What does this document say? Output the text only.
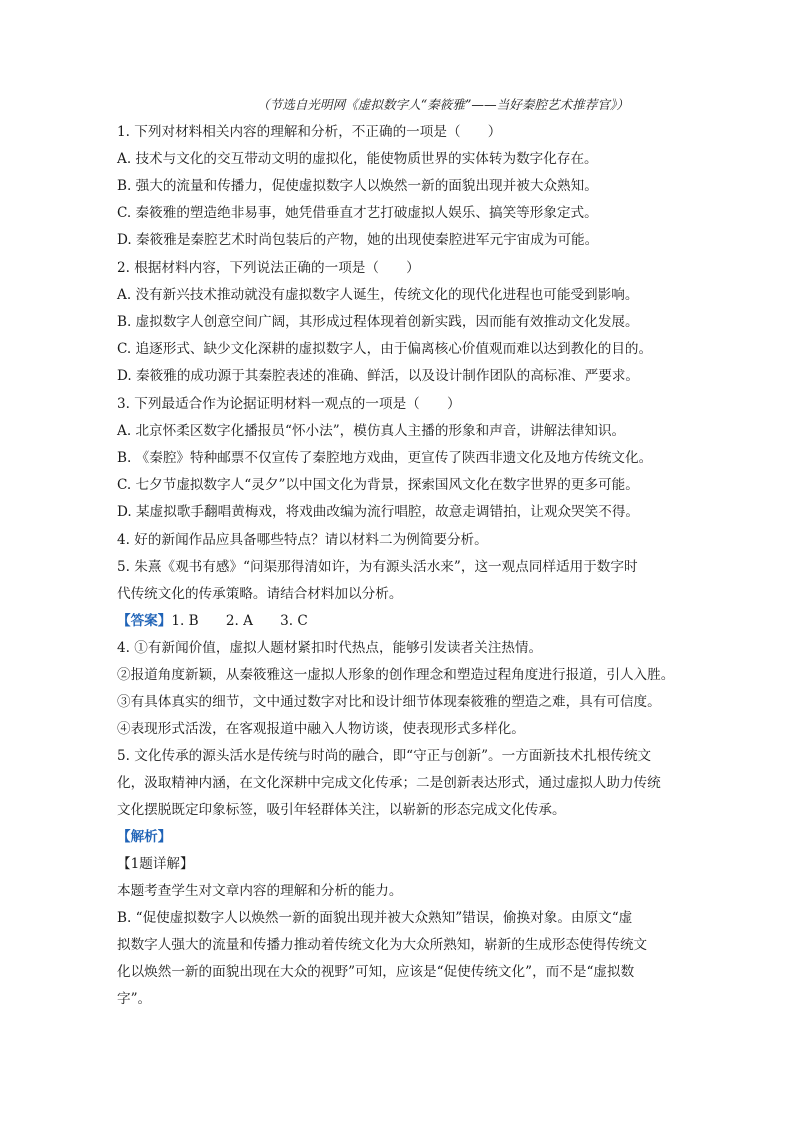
（节选自光明网《虚拟数字人“秦筱雅”——当好秦腔艺术推荐官》）
1. 下列对材料相关内容的理解和分析，不正确的一项是（　　）
A. 技术与文化的交互带动文明的虚拟化，能使物质世界的实体转为数字化存在。
B. 强大的流量和传播力，促使虚拟数字人以焕然一新的面貌出现并被大众熟知。
C. 秦筱雅的塑造绝非易事，她凭借垂直才艺打破虚拟人娱乐、搞笑等形象定式。
D. 秦筱雅是秦腔艺术时尚包装后的产物，她的出现使秦腔进军元宇宙成为可能。
2. 根据材料内容，下列说法正确的一项是（　　）
A. 没有新兴技术推动就没有虚拟数字人诞生，传统文化的现代化进程也可能受到影响。
B. 虚拟数字人创意空间广阔，其形成过程体现着创新实践，因而能有效推动文化发展。
C. 追逐形式、缺少文化深耕的虚拟数字人，由于偏离核心价值观而难以达到教化的目的。
D. 秦筱雅的成功源于其秦腔表述的准确、鲜活，以及设计制作团队的高标准、严要求。
3. 下列最适合作为论据证明材料一观点的一项是（　　）
A. 北京怀柔区数字化播报员“怀小法”，模仿真人主播的形象和声音，讲解法律知识。
B. 《秦腔》特种邮票不仅宣传了秦腔地方戏曲，更宣传了陕西非遗文化及地方传统文化。
C. 七夕节虚拟数字人“灵夕”以中国文化为背景，探索国风文化在数字世界的更多可能。
D. 某虚拟歌手翻唱黄梅戏，将戏曲改编为流行唱腔，故意走调错拍，让观众哭笑不得。
4. 好的新闻作品应具备哪些特点？请以材料二为例简要分析。
5. 朱熹《观书有感》“问渠那得清如许，为有源头活水来”，这一观点同样适用于数字时
代传统文化的传承策略。请结合材料加以分析。
【答案】1. B　　2. A　　3. C
4. ①有新闻价值，虚拟人题材紧扣时代热点，能够引发读者关注热情。
②报道角度新颖，从秦筱雅这一虚拟人形象的创作理念和塑造过程角度进行报道，引人入胜。
③有具体真实的细节，文中通过数字对比和设计细节体现秦筱雅的塑造之难，具有可信度。
④表现形式活泼，在客观报道中融入人物访谈，使表现形式多样化。
5. 文化传承的源头活水是传统与时尚的融合，即“守正与创新”。一方面新技术扎根传统文
化，汲取精神内涵，在文化深耕中完成文化传承；二是创新表达形式，通过虚拟人助力传统
文化摆脱既定印象标签，吸引年轻群体关注，以崭新的形态完成文化传承。
【解析】
【1题详解】
本题考查学生对文章内容的理解和分析的能力。
B. “促使虚拟数字人以焕然一新的面貌出现并被大众熟知”错误，偷换对象。由原文“虚
拟数字人强大的流量和传播力推动着传统文化为大众所熟知，崭新的生成形态使得传统文
化以焕然一新的面貌出现在大众的视野”可知，应该是“促使传统文化”，而不是“虚拟数
字”。
